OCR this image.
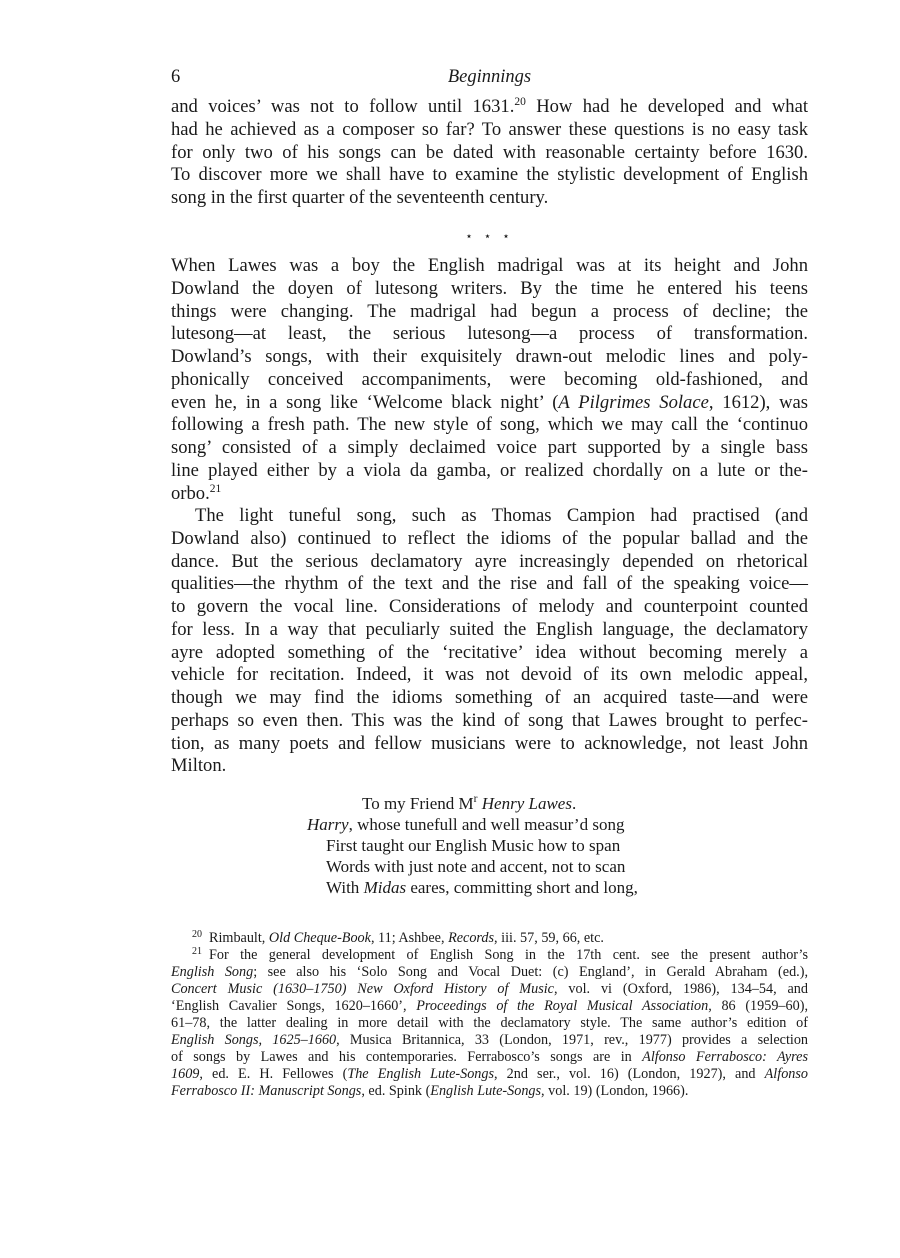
6	Beginnings
and voices’ was not to follow until 1631.20 How had he developed and what
had he achieved as a composer so far? To answer these questions is no easy task
for only two of his songs can be dated with reasonable certainty before 1630.
To discover more we shall have to examine the stylistic development of English
song in the first quarter of the seventeenth century.
⋆ ⋆ ⋆
When Lawes was a boy the English madrigal was at its height and John
Dowland the doyen of lutesong writers. By the time he entered his teens
things were changing. The madrigal had begun a process of decline; the
lutesong—at least, the serious lutesong—a process of transformation.
Dowland’s songs, with their exquisitely drawn-out melodic lines and poly-
phonically conceived accompaniments, were becoming old-fashioned, and
even he, in a song like ‘Welcome black night’ (A Pilgrimes Solace, 1612), was
following a fresh path. The new style of song, which we may call the ‘continuo
song’ consisted of a simply declaimed voice part supported by a single bass
line played either by a viola da gamba, or realized chordally on a lute or the-
orbo.$^{21}$
The light tuneful song, such as Thomas Campion had practised (and
Dowland also) continued to reflect the idioms of the popular ballad and the
dance. But the serious declamatory ayre increasingly depended on rhetorical
qualities—the rhythm of the text and the rise and fall of the speaking voice—
to govern the vocal line. Considerations of melody and counterpoint counted
for less. In a way that peculiarly suited the English language, the declamatory
ayre adopted something of the ‘recitative’ idea without becoming merely a
vehicle for recitation. Indeed, it was not devoid of its own melodic appeal,
though we may find the idioms something of an acquired taste—and were
perhaps so even then. This was the kind of song that Lawes brought to perfec-
tion, as many poets and fellow musicians were to acknowledge, not least John
Milton.
To my Friend M$^r$ Henry Lawes.
Harry, whose tunefull and well measur’d song
First taught our English Music how to span
Words with just note and accent, not to scan
With Midas eares, committing short and long,
$^{20}$ Rimbault, Old Cheque-Book, 11; Ashbee, Records, iii. 57, 59, 66, etc.
$^{21}$ For the general development of English Song in the 17th cent. see the present author’s
English Song; see also his ‘Solo Song and Vocal Duet: (c) England’, in Gerald Abraham (ed.),
Concert Music (1630–1750) New Oxford History of Music, vol. vi (Oxford, 1986), 134–54, and
‘English Cavalier Songs, 1620–1660’, Proceedings of the Royal Musical Association, 86 (1959–60),
61–78, the latter dealing in more detail with the declamatory style. The same author’s edition of
English Songs, 1625–1660, Musica Britannica, 33 (London, 1971, rev., 1977) provides a selection
of songs by Lawes and his contemporaries. Ferrabosco’s songs are in Alfonso Ferrabosco: Ayres
1609, ed. E. H. Fellowes (The English Lute-Songs, 2nd ser., vol. 16) (London, 1927), and Alfonso
Ferrabosco II: Manuscript Songs, ed. Spink (English Lute-Songs, vol. 19) (London, 1966).
